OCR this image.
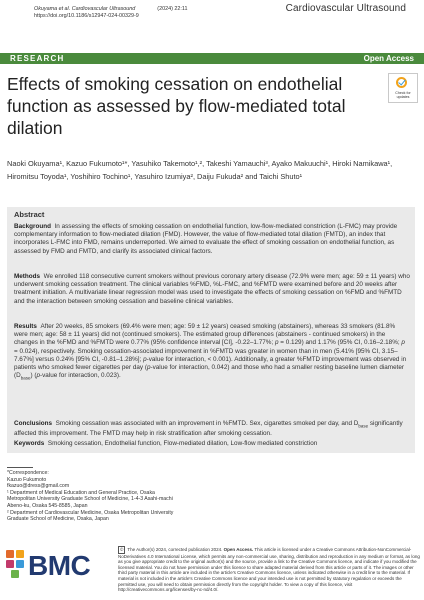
Okuyama et al. Cardiovascular Ultrasound	(2024) 22:11
https://doi.org/10.1186/s12947-024-00329-9
Cardiovascular Ultrasound
RESEARCH	Open Access
Effects of smoking cessation on endothelial function as assessed by flow-mediated total dilation
Check for updates
Naoki Okuyama¹, Kazuo Fukumoto¹*, Yasuhiko Takemoto¹,², Takeshi Yamauchi³, Ayako Makuuchi¹, Hiroki Namikawa¹, Hiromitsu Toyoda¹, Yoshihiro Tochino¹, Yasuhiro Izumiya², Daiju Fukuda² and Taichi Shuto¹
Abstract
Background In assessing the effects of smoking cessation on endothelial function, low-flow-mediated constriction (L-FMC) may provide complementary information to flow-mediated dilation (FMD). However, the value of flow-mediated total dilation (FMTD), an index that incorporates L-FMC into FMD, remains underreported. We aimed to evaluate the effect of smoking cessation on endothelial function, as assessed by FMD and FMTD, and clarify its associated clinical factors.
Methods We enrolled 118 consecutive current smokers without previous coronary artery disease (72.9% were men; age: 59 ± 11 years) who underwent smoking cessation treatment. The clinical variables %FMD, %L-FMC, and %FMTD were examined before and 20 weeks after treatment initiation. A multivariate linear regression model was used to investigate the effects of smoking cessation on %FMD and %FMTD and the interaction between smoking cessation and baseline clinical variables.
Results After 20 weeks, 85 smokers (69.4% were men; age: 59 ± 12 years) ceased smoking (abstainers), whereas 33 smokers (81.8% were men; age: 58 ± 11 years) did not (continued smokers). The estimated group differences (abstainers - continued smokers) in the changes in the %FMD and %FMTD were 0.77% (95% confidence interval [CI], -0.22–1.77%; p = 0.129) and 1.17% (95% CI, 0.16–2.18%; p = 0.024), respectively. Smoking cessation-associated improvement in %FMTD was greater in women than in men (5.41% [95% CI, 3.15–7.67%] versus 0.24% [95% CI, -0.81–1.28%]; p-value for interaction, < 0.001). Additionally, a greater %FMTD improvement was observed in patients who smoked fewer cigarettes per day (p-value for interaction, 0.042) and those who had a smaller resting baseline lumen diameter $(D_{base})$ (p-value for interaction, 0.023).
Conclusions Smoking cessation was associated with an improvement in %FMTD. Sex, cigarettes smoked per day, and $D_{base}$ significantly affected this improvement. The FMTD may help in risk stratification after smoking cessation.
Keywords Smoking cessation, Endothelial function, Flow-mediated dilation, Low-flow mediated constriction
*Correspondence:
Kazuo Fukumoto
fkazuo@dress@gmail.com
¹ Department of Medical Education and General Practice, Osaka
Metropolitan University Graduate School of Medicine, 1-4-3 Asahi-machi
Abeno-ku, Osaka 545-8585, Japan
² Department of Cardiovascular Medicine, Osaka Metropolitan University
Graduate School of Medicine, Osaka, Japan
BMC
© The Author(s) 2024, corrected publication 2024. Open Access. This article is licensed under a Creative Commons Attribution-NonCommercial-NoDerivatives 4.0 International License, which permits any non-commercial use, sharing, distribution and reproduction in any medium or format, as long as you give appropriate credit to the original author(s) and the source, provide a link to the Creative Commons licence, and indicate if you modified the licensed material. You do not have permission under this licence to share adapted material derived from this article or parts of it. The images or other third party material in this article are included in the article's Creative Commons licence, unless indicated otherwise in a credit line to the material. If material is not included in the article's Creative Commons licence and your intended use is not permitted by statutory regulation or exceeds the permitted use, you will need to obtain permission directly from the copyright holder. To view a copy of this licence, visit http://creativecommons.org/licenses/by-nc-nd/4.0/.
